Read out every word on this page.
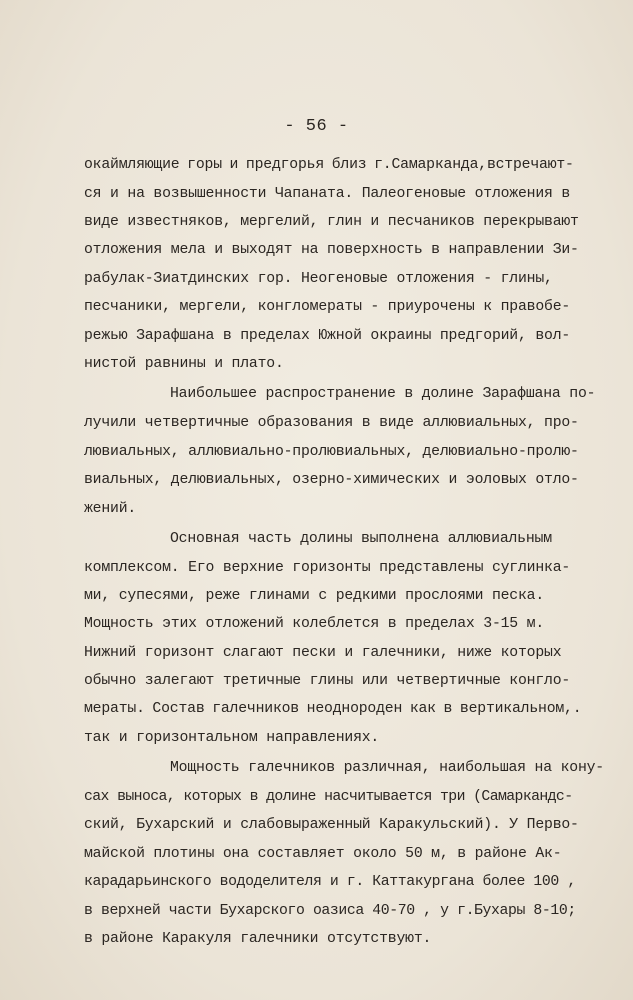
- 56 -
окаймляющие горы и предгорья близ г.Самарканда,встречают-
ся и на возвышенности Чапаната. Палеогеновые отложения в
виде известняков, мергелий, глин и песчаников перекрывают
отложения мела и выходят на поверхность в направлении Зи-
рабулак-Зиатдинских гор. Неогеновые отложения - глины,
песчаники, мергели, конгломераты - приурочены к правобе-
режью Зарафшана в пределах Южной окраины предгорий, вол-
нистой равнины и плато.
Наибольшее распространение в долине Зарафшана по-
лучили четвертичные образования в виде аллювиальных, про-
лювиальных, аллювиально-пролювиальных, делювиально-пролю-
виальных, делювиальных, озерно-химических и эоловых отло-
жений.
Основная часть долины выполнена аллювиальным
комплексом. Его верхние горизонты представлены суглинка-
ми, супесями, реже глинами с редкими прослоями песка.
Мощность этих отложений колеблется в пределах 3-15 м.
Нижний горизонт слагают пески и галечники, ниже которых
обычно залегают третичные глины или четвертичные конгло-
мераты. Состав галечников неоднороден как в вертикальном,.
так и горизонтальном направлениях.
Мощность галечников различная, наибольшая на кону-
сах выноса, которых в долине насчитывается три (Самаркандс-
ский, Бухарский и слабовыраженный Каракульский). У Перво-
майской плотины она составляет около 50 м, в районе Ак-
карадарьинского вододелителя и г. Каттакургана более 100 ,
в верхней части Бухарского оазиса 40-70 , у г.Бухары 8-10;
в районе Каракуля галечники отсутствуют.
